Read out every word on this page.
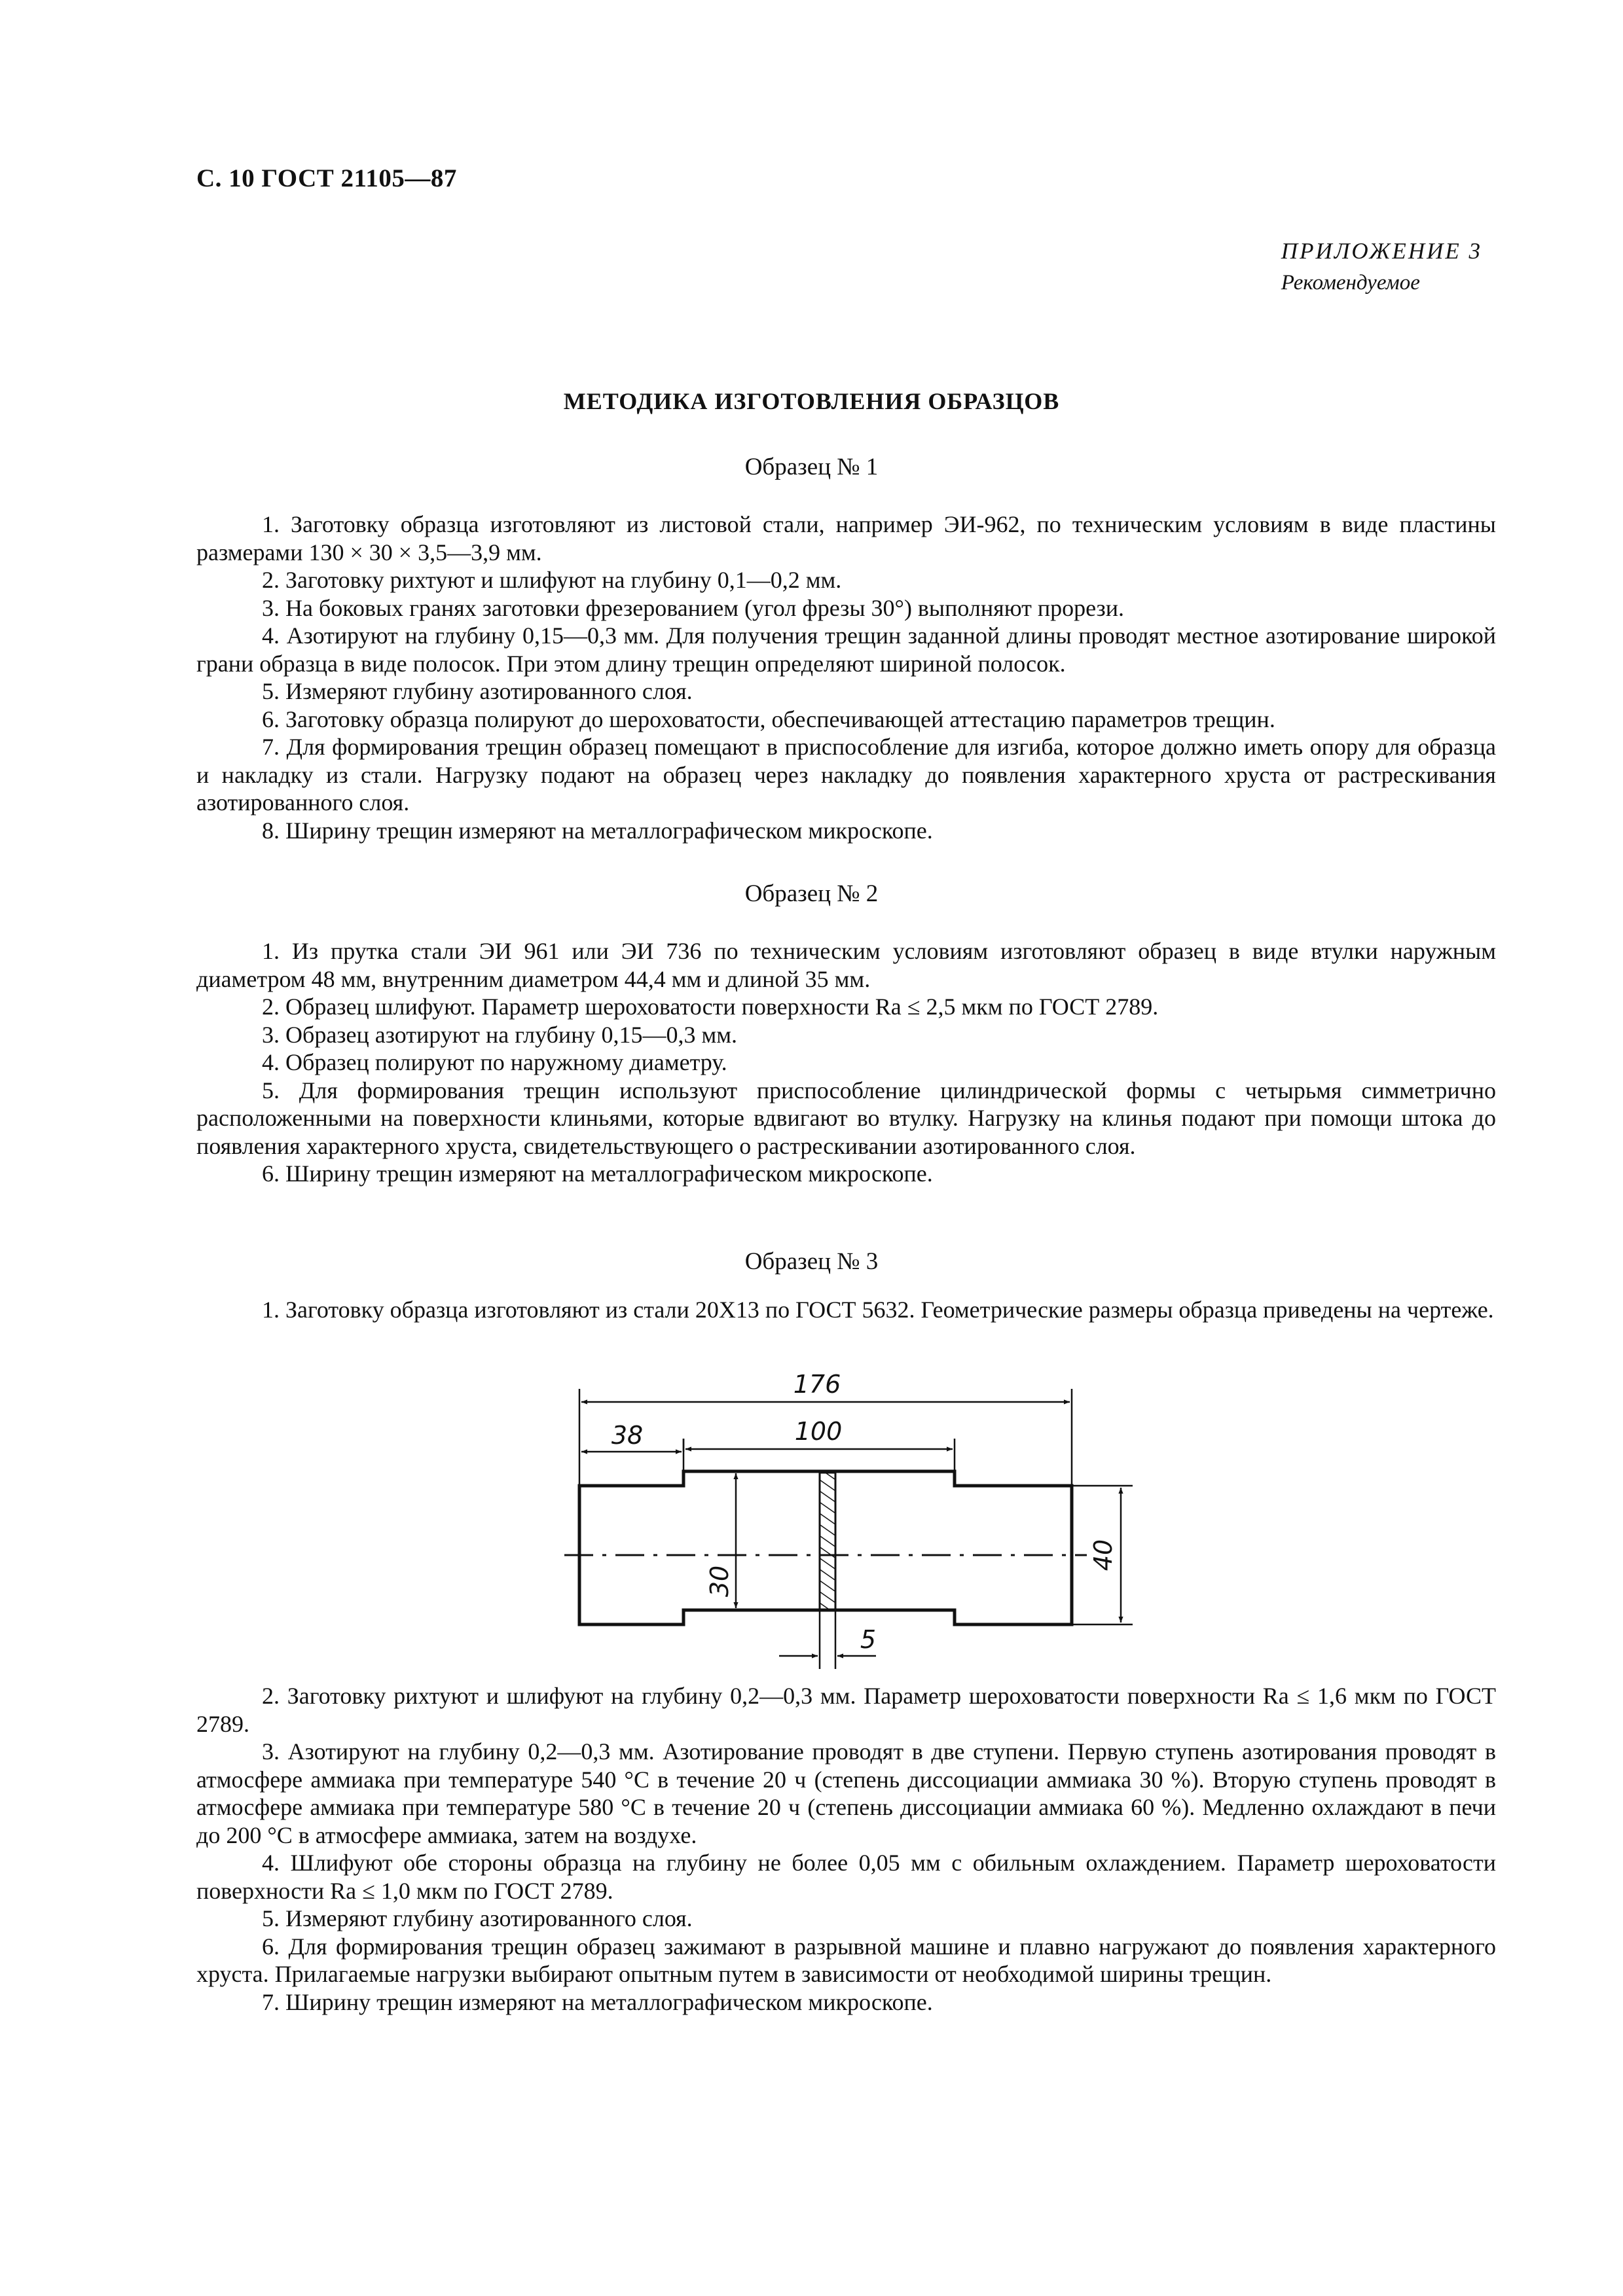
С. 10 ГОСТ 21105—87
ПРИЛОЖЕНИЕ 3
Рекомендуемое
МЕТОДИКА ИЗГОТОВЛЕНИЯ ОБРАЗЦОВ
Образец № 1

1. Заготовку образца изготовляют из листовой стали, например ЭИ-962, по техническим условиям в виде пластины размерами 130 × 30 × 3,5—3,9 мм.

2. Заготовку рихтуют и шлифуют на глубину 0,1—0,2 мм.

3. На боковых гранях заготовки фрезерованием (угол фрезы 30°) выполняют прорези.

4. Азотируют на глубину 0,15—0,3 мм. Для получения трещин заданной длины проводят местное азотирование широкой грани образца в виде полосок. При этом длину трещин определяют шириной полосок.

5. Измеряют глубину азотированного слоя.

6. Заготовку образца полируют до шероховатости, обеспечивающей аттестацию параметров трещин.

7. Для формирования трещин образец помещают в приспособление для изгиба, которое должно иметь опору для образца и накладку из стали. Нагрузку подают на образец через накладку до появления характерного хруста от растрескивания азотированного слоя.

8. Ширину трещин измеряют на металлографическом микроскопе.

Образец № 2

1. Из прутка стали ЭИ 961 или ЭИ 736 по техническим условиям изготовляют образец в виде втулки наружным диаметром 48 мм, внутренним диаметром 44,4 мм и длиной 35 мм.

2. Образец шлифуют. Параметр шероховатости поверхности Ra ≤ 2,5 мкм по ГОСТ 2789.

3. Образец азотируют на глубину 0,15—0,3 мм.

4. Образец полируют по наружному диаметру.

5. Для формирования трещин используют приспособление цилиндрической формы с четырьмя симметрично расположенными на поверхности клиньями, которые вдвигают во втулку. Нагрузку на клинья подают при помощи штока до появления характерного хруста, свидетельствующего о растрескивании азотированного слоя.

6. Ширину трещин измеряют на металлографическом микроскопе.

Образец № 3

1. Заготовку образца изготовляют из стали 20Х13 по ГОСТ 5632. Геометрические размеры образца приведены на чертеже.

176
38	100
40
30
5

2. Заготовку рихтуют и шлифуют на глубину 0,2—0,3 мм. Параметр шероховатости поверхности Ra ≤ 1,6 мкм по ГОСТ 2789.

3. Азотируют на глубину 0,2—0,3 мм. Азотирование проводят в две ступени. Первую ступень азотирования проводят в атмосфере аммиака при температуре 540 °С в течение 20 ч (степень диссоциации аммиака 30 %). Вторую ступень проводят в атмосфере аммиака при температуре 580 °С в течение 20 ч (степень диссоциации аммиака 60 %). Медленно охлаждают в печи до 200 °С в атмосфере аммиака, затем на воздухе.

4. Шлифуют обе стороны образца на глубину не более 0,05 мм с обильным охлаждением. Параметр шероховатости поверхности Ra ≤ 1,0 мкм по ГОСТ 2789.

5. Измеряют глубину азотированного слоя.

6. Для формирования трещин образец зажимают в разрывной машине и плавно нагружают до появления характерного хруста. Прилагаемые нагрузки выбирают опытным путем в зависимости от необходимой ширины трещин.

7. Ширину трещин измеряют на металлографическом микроскопе.
